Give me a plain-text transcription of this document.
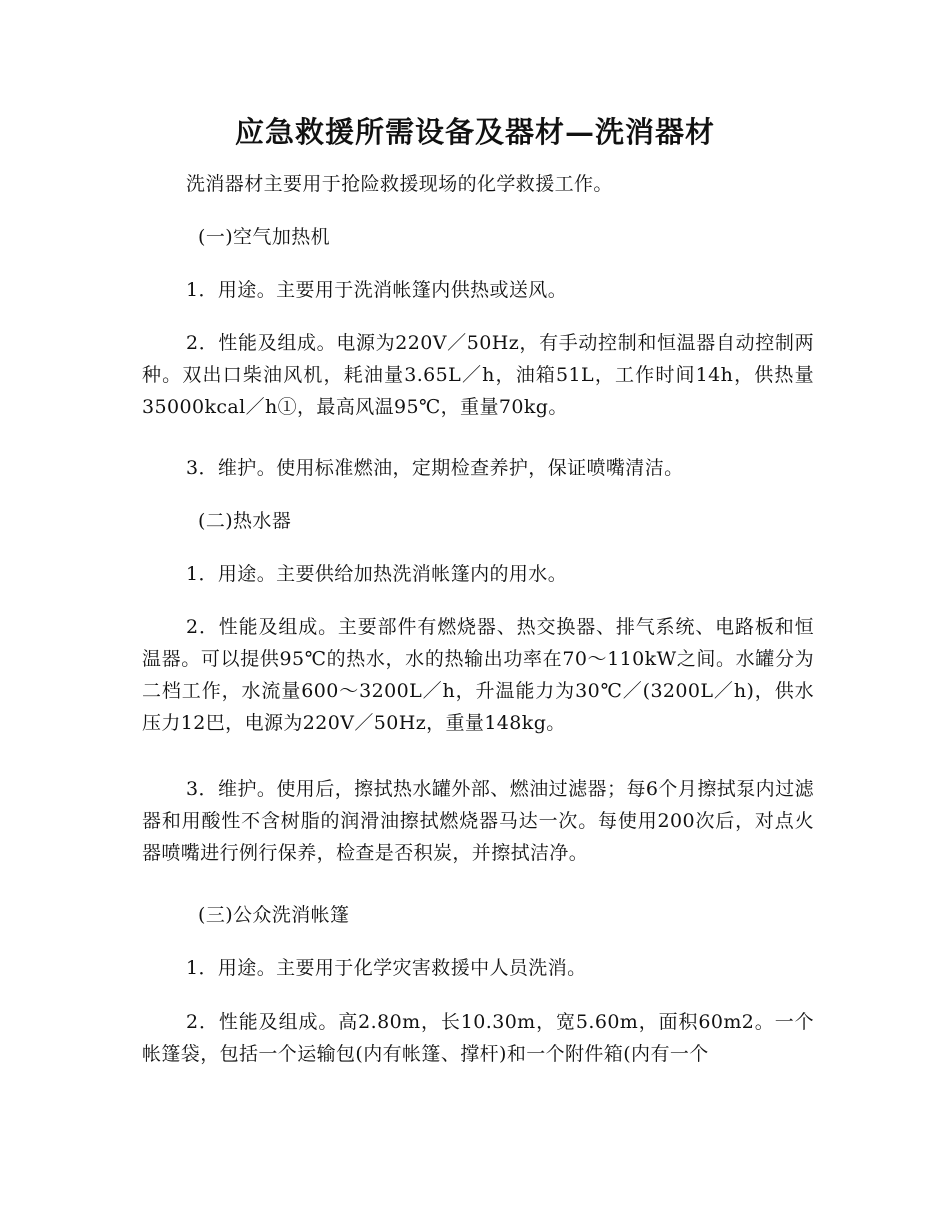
应急救援所需设备及器材—洗消器材

洗消器材主要用于抢险救援现场的化学救援工作。

(一)空气加热机

1．用途。主要用于洗消帐篷内供热或送风。

2．性能及组成。电源为220V／50Hz，有手动控制和恒温器自动控制两种。双出口柴油风机，耗油量3.65L／h，油箱51L，工作时间14h，供热量35000kcal／h①，最高风温95℃，重量70kg。

3．维护。使用标准燃油，定期检查养护，保证喷嘴清洁。

(二)热水器

1．用途。主要供给加热洗消帐篷内的用水。

2．性能及组成。主要部件有燃烧器、热交换器、排气系统、电路板和恒温器。可以提供95℃的热水，水的热输出功率在70～110kW之间。水罐分为二档工作，水流量600～3200L／h，升温能力为30℃／(3200L／h)，供水压力12巴，电源为220V／50Hz，重量148kg。

3．维护。使用后，擦拭热水罐外部、燃油过滤器；每6个月擦拭泵内过滤器和用酸性不含树脂的润滑油擦拭燃烧器马达一次。每使用200次后，对点火器喷嘴进行例行保养，检查是否积炭，并擦拭洁净。

(三)公众洗消帐篷

1．用途。主要用于化学灾害救援中人员洗消。

2．性能及组成。高2.80m，长10.30m，宽5.60m，面积60m2。一个帐篷袋，包括一个运输包(内有帐篷、撑杆)和一个附件箱(内有一个
